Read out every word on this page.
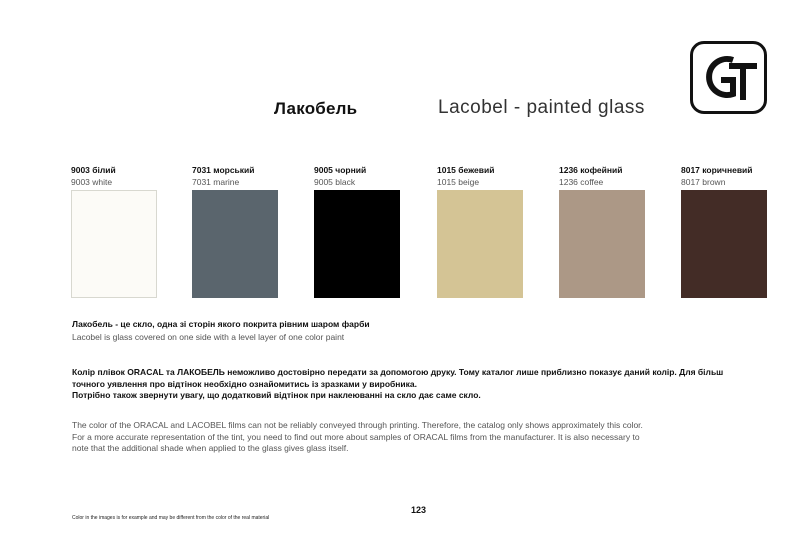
Лакобель	Lacobel - painted glass
9003 білий
9003 white
7031 морський
7031 marine
9005 чорний
9005 black
1015 бежевий
1015 beige
1236 кофейний
1236 coffee
8017 коричневий
8017 brown
Лакобель - це скло, одна зі сторін якого покрита рівним шаром фарби
Lacobel is glass covered on one side with a level layer of one color paint
Колір плівок ORACAL та ЛАКОБЕЛЬ неможливо достовірно передати за допомогою друку. Тому каталог лише приблизно показує даний колір. Для більш
точного уявлення про відтінок необхідно ознайомитись із зразками у виробника.
Потрібно також звернути увагу, що додатковий відтінок при наклеюванні на скло дає саме скло.
The color of the ORACAL and LACOBEL films can not be reliably conveyed through printing. Therefore, the catalog only shows approximately this color.
For a more accurate representation of the tint, you need to find out more about samples of ORACAL films from the manufacturer. It is also necessary to
note that the additional shade when applied to the glass gives glass itself.
123
Color in the images is for example and may be different from the color of the real material
